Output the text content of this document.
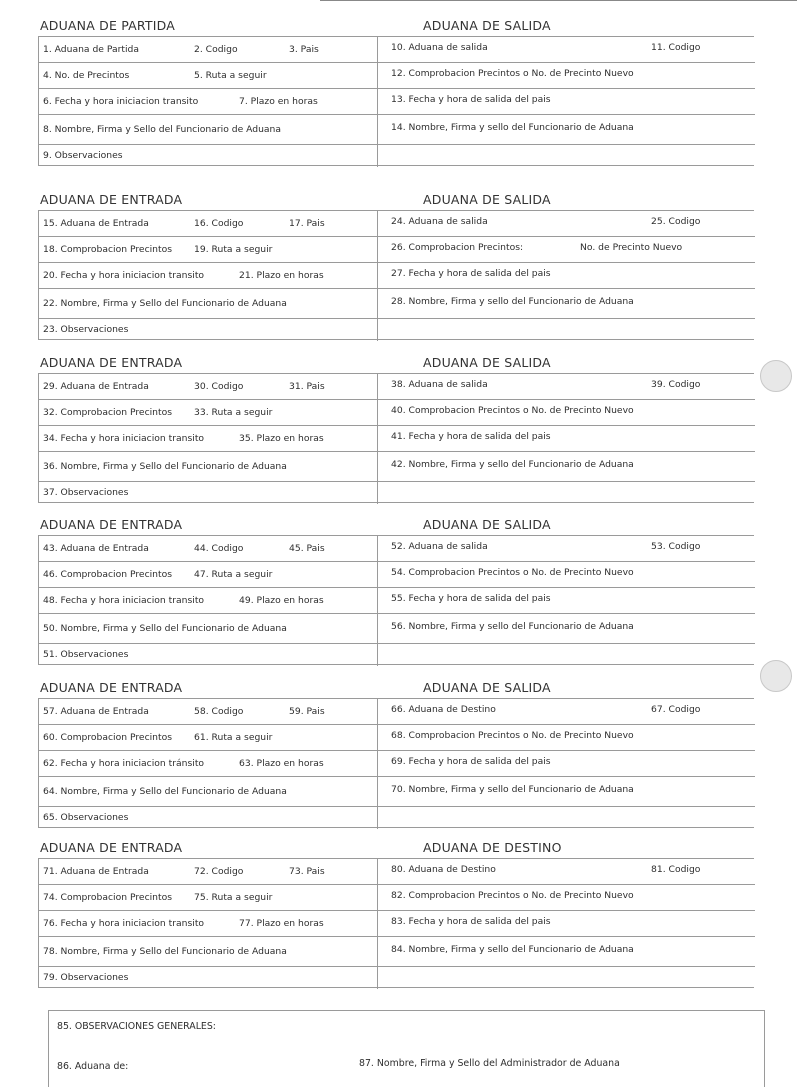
ADUANA DE PARTIDA	ADUANA DE SALIDA
1. Aduana de Partida	2. Codigo	3. Pais	10. Aduana de salida	11. Codigo
4. No. de Precintos	5. Ruta a seguir	12. Comprobacion Precintos o No. de Precinto Nuevo
6. Fecha y hora iniciacion transito	7. Plazo en horas	13. Fecha y hora de salida del pais
8. Nombre, Firma y Sello del Funcionario de Aduana	14. Nombre, Firma y sello del Funcionario de Aduana
9. Observaciones
ADUANA DE ENTRADA	ADUANA DE SALIDA
15. Aduana de Entrada	16. Codigo	17. Pais	24. Aduana de salida	25. Codigo
18. Comprobacion Precintos 19. Ruta a seguir	26. Comprobacion Precintos:	No. de Precinto Nuevo
20. Fecha y hora iniciacion transito	21. Plazo en horas	27. Fecha y hora de salida del pais
22. Nombre, Firma y Sello del Funcionario de Aduana	28. Nombre, Firma y sello del Funcionario de Aduana
23. Observaciones
ADUANA DE ENTRADA	ADUANA DE SALIDA
29. Aduana de Entrada	30. Codigo	31. Pais	38. Aduana de salida	39. Codigo
32. Comprobacion Precintos 33. Ruta a seguir	40. Comprobacion Precintos o No. de Precinto Nuevo
34. Fecha y hora iniciacion transito	35. Plazo en horas	41. Fecha y hora de salida del pais
36. Nombre, Firma y Sello del Funcionario de Aduana	42. Nombre, Firma y sello del Funcionario de Aduana
37. Observaciones
ADUANA DE ENTRADA	ADUANA DE SALIDA
43. Aduana de Entrada	44. Codigo	45. Pais	52. Aduana de salida	53. Codigo
46. Comprobacion Precintos 47. Ruta a seguir	54. Comprobacion Precintos o No. de Precinto Nuevo
48. Fecha y hora iniciacion transito	49. Plazo en horas	55. Fecha y hora de salida del pais
50. Nombre, Firma y Sello del Funcionario de Aduana	56. Nombre, Firma y sello del Funcionario de Aduana
51. Observaciones
ADUANA DE ENTRADA	ADUANA DE SALIDA
57. Aduana de Entrada	58. Codigo	59. Pais	66. Aduana de Destino	67. Codigo
60. Comprobacion Precintos 61. Ruta a seguir	68. Comprobacion Precintos o No. de Precinto Nuevo
62. Fecha y hora iniciacion tránsito	63. Plazo en horas	69. Fecha y hora de salida del pais
64. Nombre, Firma y Sello del Funcionario de Aduana	70. Nombre, Firma y sello del Funcionario de Aduana
65. Observaciones
ADUANA DE ENTRADA	ADUANA DE DESTINO
71. Aduana de Entrada	72. Codigo	73. Pais	80. Aduana de Destino	81. Codigo
74. Comprobacion Precintos 75. Ruta a seguir	82. Comprobacion Precintos o No. de Precinto Nuevo
76. Fecha y hora iniciacion transito	77. Plazo en horas	83. Fecha y hora de salida del pais
78. Nombre, Firma y Sello del Funcionario de Aduana	84. Nombre, Firma y sello del Funcionario de Aduana
79. Observaciones
85. OBSERVACIONES GENERALES:
86. Aduana de:	87. Nombre, Firma y Sello del Administrador de Aduana
